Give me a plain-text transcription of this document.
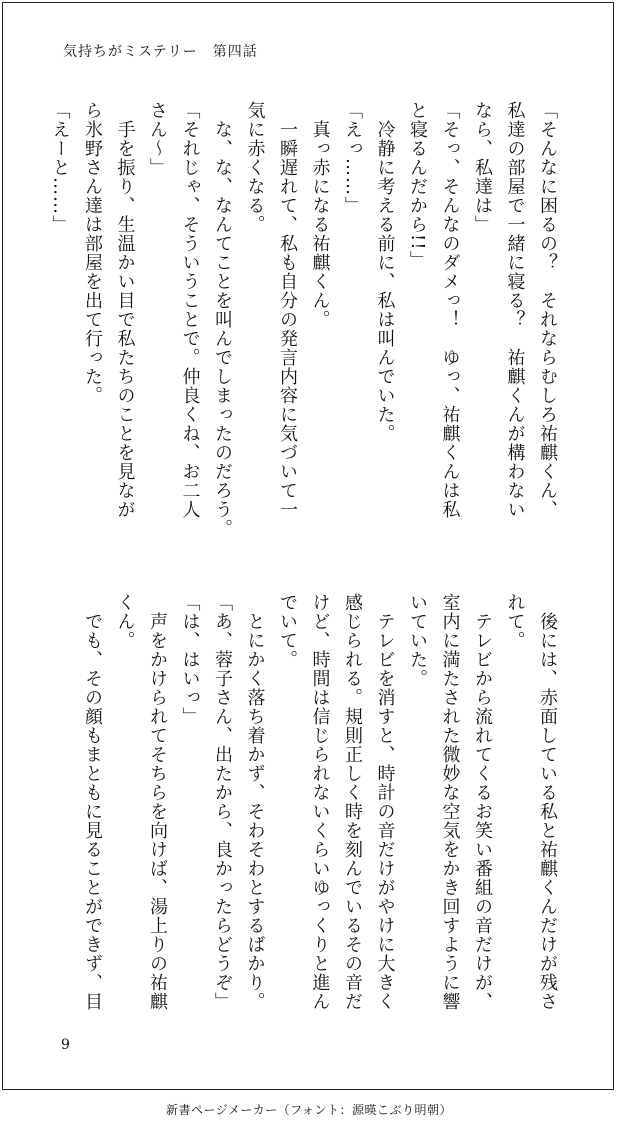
気持ちがミステリー　第四話

「そんなに困るの？　それならむしろ祐麒くん、

私達の部屋で一緒に寝る？　祐麒くんが構わない

なら、私達は」

「そっ、そんなのダメっ！　ゆっ、祐麒くんは私

と寝るんだから!!」

　冷静に考える前に、私は叫んでいた。

「えっ……」

　真っ赤になる祐麒くん。

　一瞬遅れて、私も自分の発言内容に気づいて一

気に赤くなる。

　な、な、なんてことを叫んでしまったのだろう。

「それじゃ、そういうことで。仲良くね、お二人

さん～」

　手を振り、生温かい目で私たちのことを見なが

ら氷野さん達は部屋を出て行った。

「えーと……」

　後には、赤面している私と祐麒くんだけが残さ

れて。

　テレビから流れてくるお笑い番組の音だけが、

室内に満たされた微妙な空気をかき回すように響

いていた。

　テレビを消すと、時計の音だけがやけに大きく

感じられる。規則正しく時を刻んでいるその音だ

けど、時間は信じられないくらいゆっくりと進ん

でいて。

　とにかく落ち着かず、そわそわとするばかり。

「あ、蓉子さん、出たから、良かったらどうぞ」

「は、はいっ」

　声をかけられてそちらを向けば、湯上りの祐麒

くん。

　でも、その顔もまともに見ることができず、目

9
新書ページメーカー（フォント：源暎こぶり明朝）
